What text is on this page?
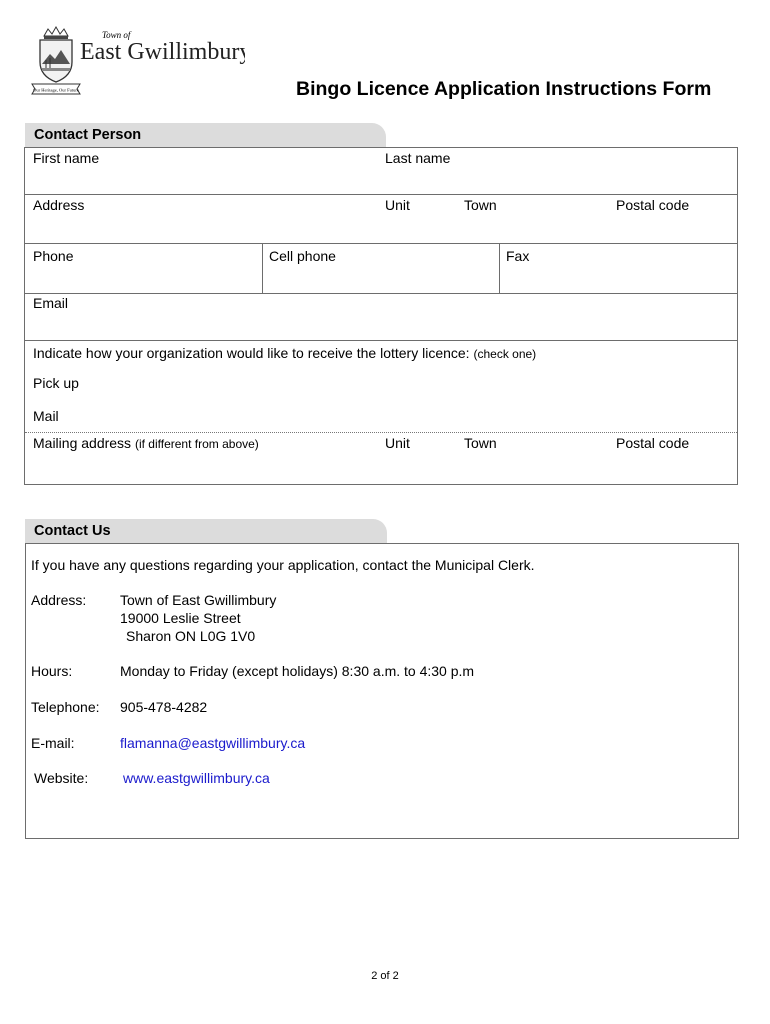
Our Heritage, Our Future
Town of
East Gwillimbury
Bingo Licence Application Instructions Form
Contact Person
First name	Last name
Address	Unit	Town	Postal code
Phone	Cell phone	Fax
Email
Indicate how your organization would like to receive the lottery licence: (check one)
Pick up
Mail
Mailing address (if different from above)	Unit	Town	Postal code
Contact Us
If you have any questions regarding your application, contact the Municipal Clerk.
Address: Town of East Gwillimbury
19000 Leslie Street
Sharon ON L0G 1V0
Hours:	Monday to Friday (except holidays) 8:30 a.m. to 4:30 p.m
Telephone: 905-478-4282
E-mail:	flamanna@eastgwillimbury.ca
Website: www.eastgwillimbury.ca
2 of 2
